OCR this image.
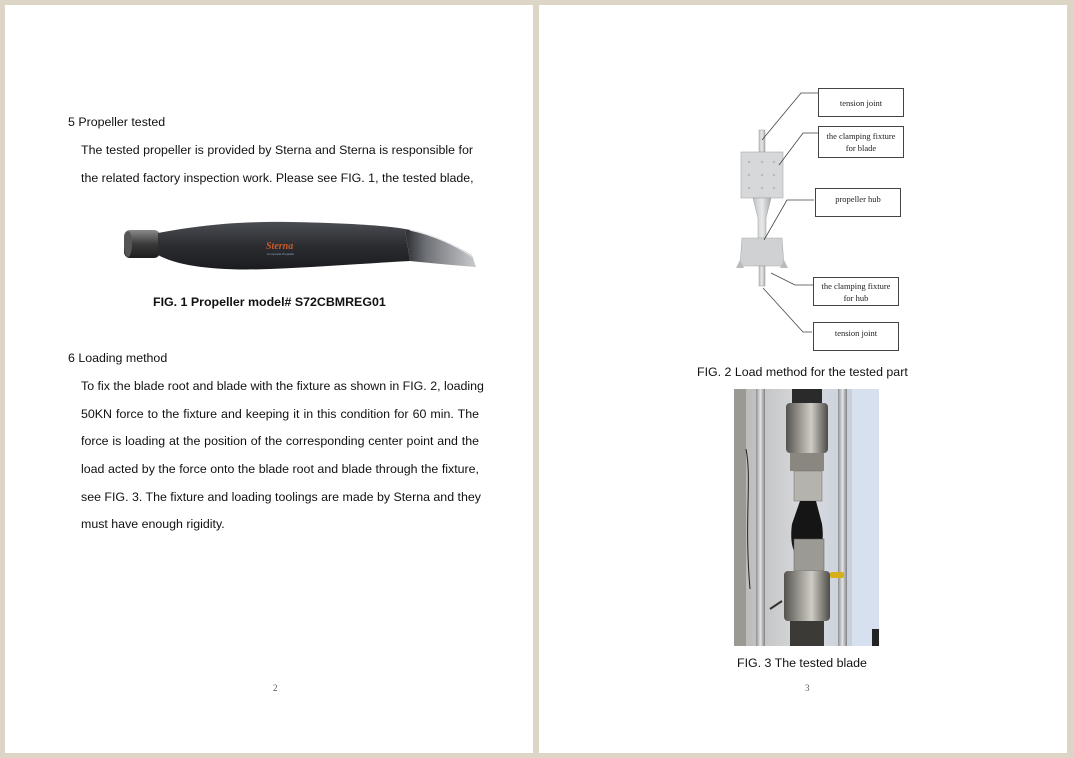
5 Propeller tested

The tested propeller is provided by Sterna and Sterna is responsible for

the related factory inspection work. Please see FIG. 1, the tested blade,

Sterna
Composite Propeller

FIG. 1 Propeller model# S72CBMREG01

6 Loading method

To fix the blade root and blade with the fixture as shown in FIG. 2, loading

50KN force to the fixture and keeping it in this condition for 60 min. The

force is loading at the position of the corresponding center point and the

load acted by the force onto the blade root and blade through the fixture,

see FIG. 3. The fixture and loading toolings are made by Sterna and they

must have enough rigidity.

2
tension joint
the clamping fixture
for blade
propeller hub
the clamping fixture
for hub
tension joint

FIG. 2 Load method for the tested part

FIG. 3 The tested blade

3
